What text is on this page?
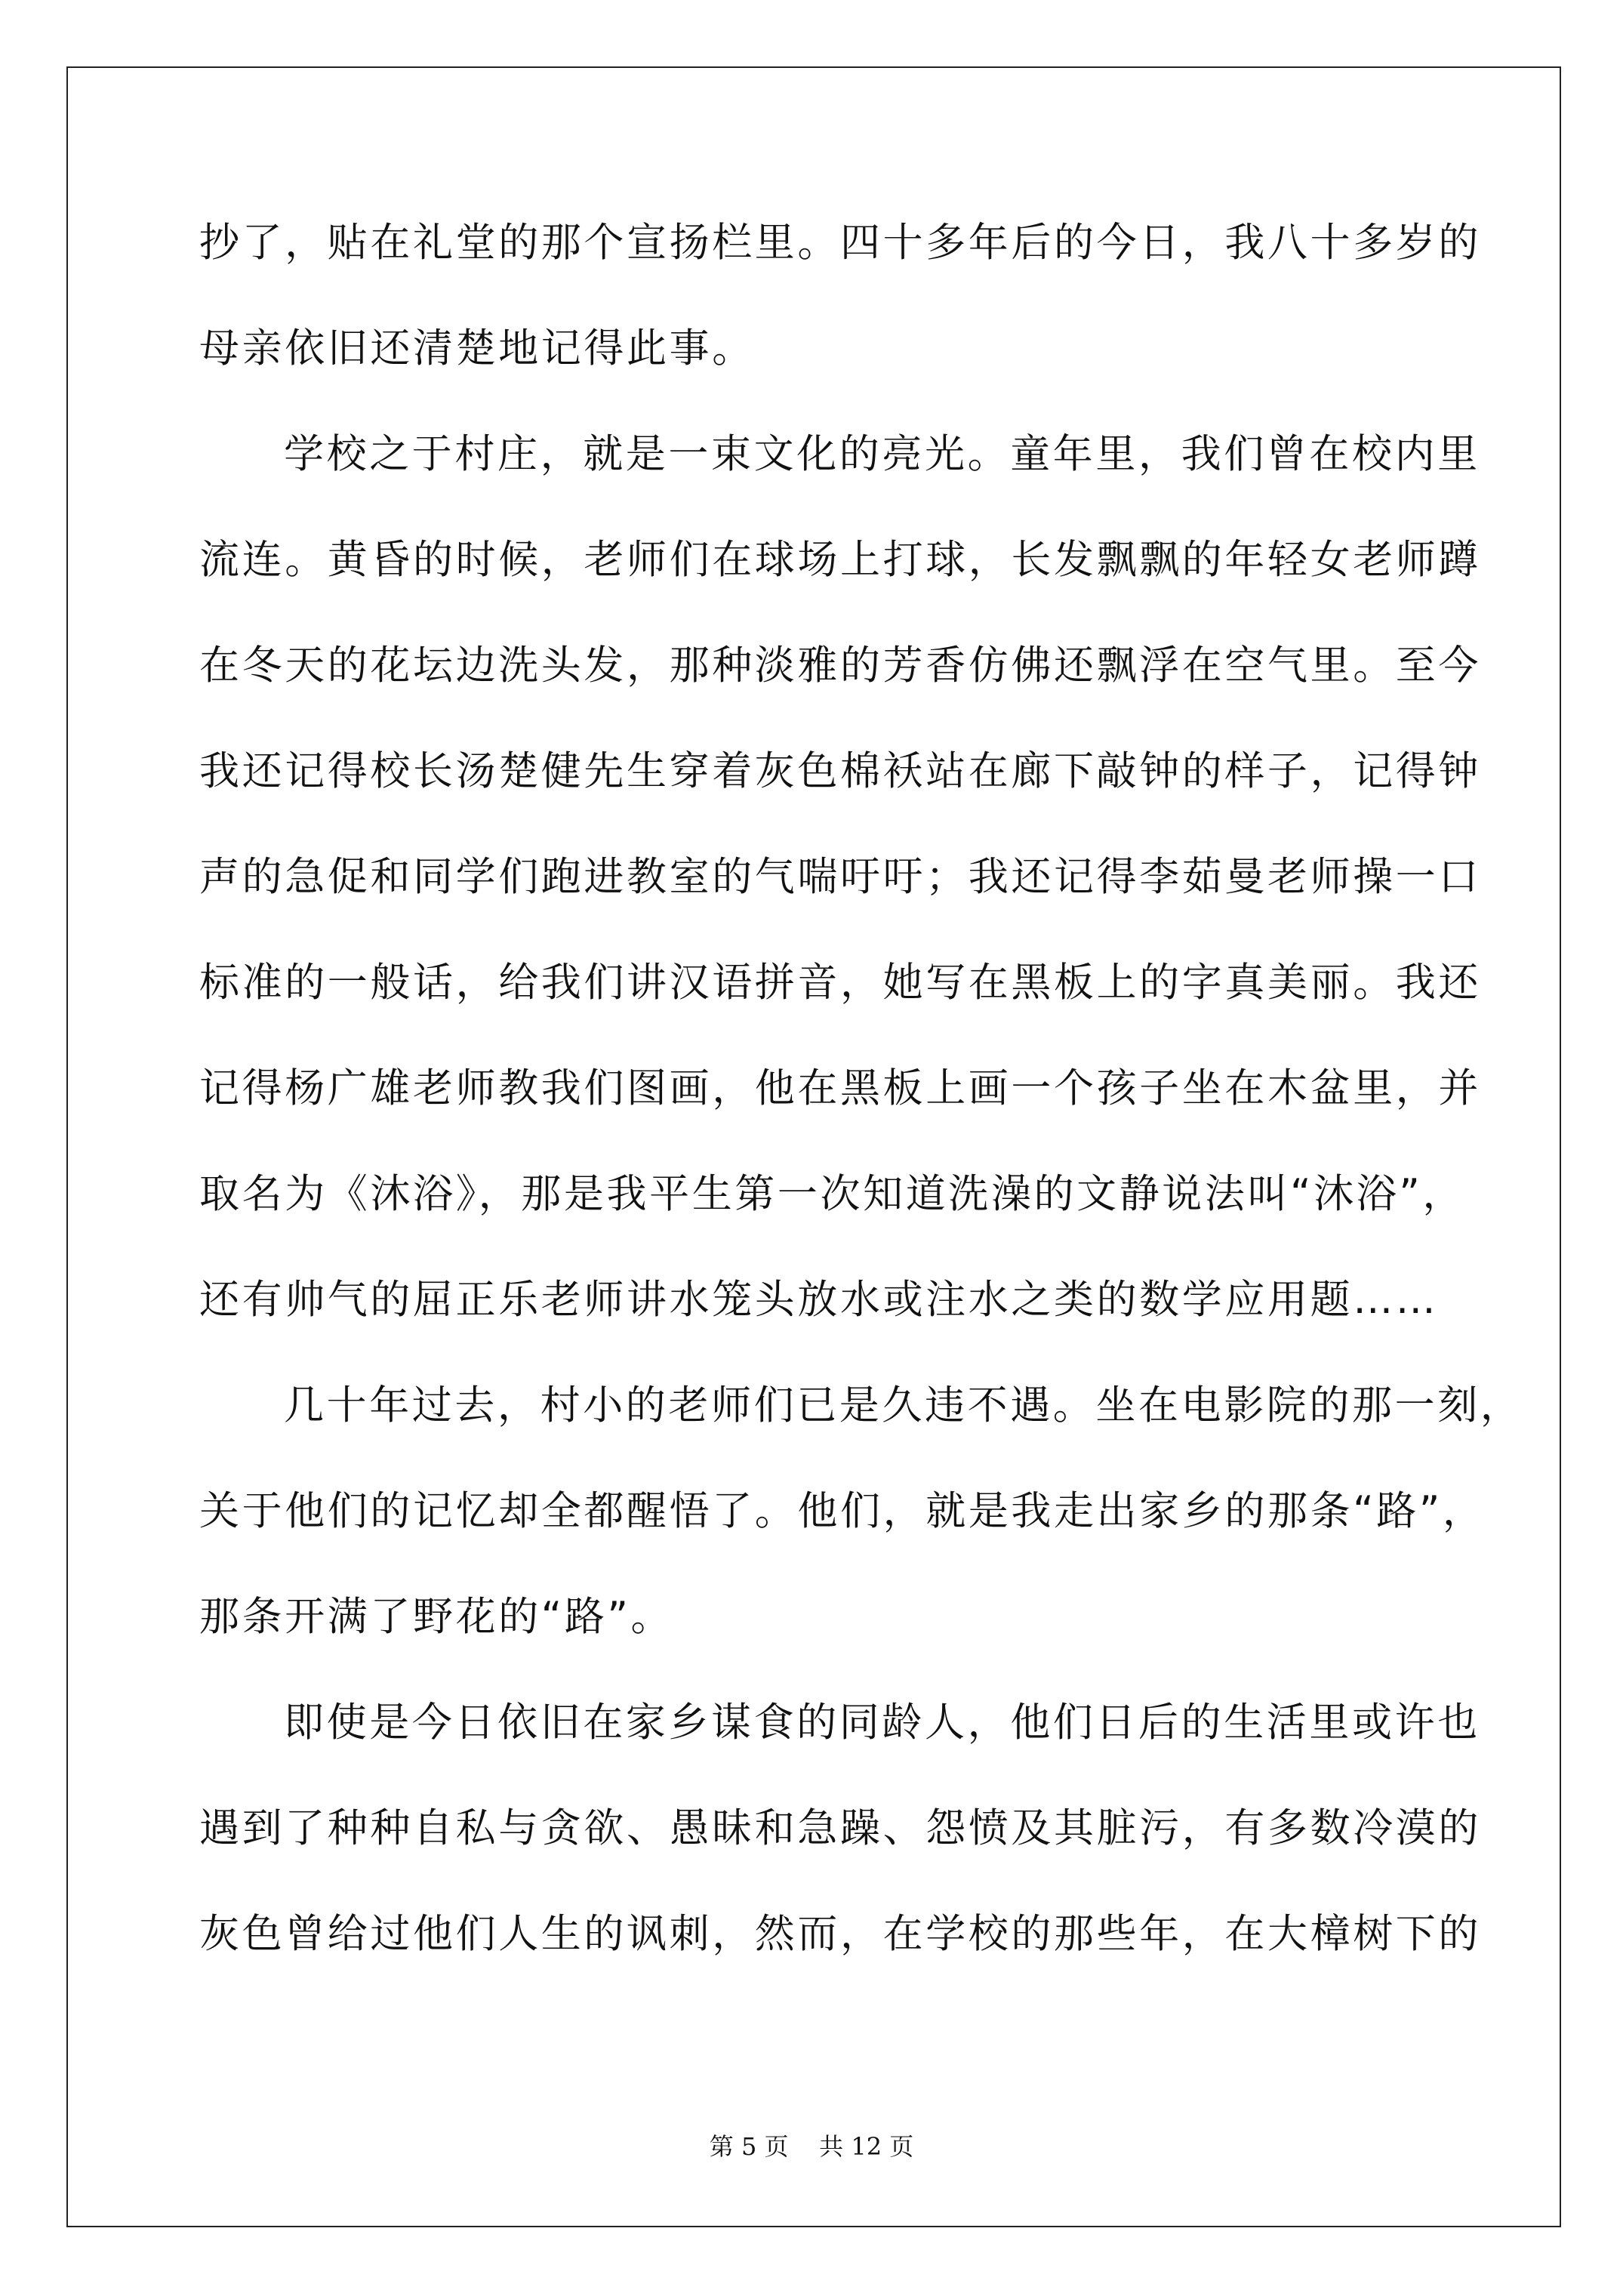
抄了，贴在礼堂的那个宣扬栏里。四十多年后的今日，我八十多岁的
母亲依旧还清楚地记得此事。
学校之于村庄，就是一束文化的亮光。童年里，我们曾在校内里
流连。黄昏的时候，老师们在球场上打球，长发飘飘的年轻女老师蹲
在冬天的花坛边洗头发，那种淡雅的芳香仿佛还飘浮在空气里。至今
我还记得校长汤楚健先生穿着灰色棉袄站在廊下敲钟的样子，记得钟
声的急促和同学们跑进教室的气喘吁吁；我还记得李茹曼老师操一口
标准的一般话，给我们讲汉语拼音，她写在黑板上的字真美丽。我还
记得杨广雄老师教我们图画，他在黑板上画一个孩子坐在木盆里，并
取名为《沐浴》，那是我平生第一次知道洗澡的文静说法叫“沐浴”，
还有帅气的屈正乐老师讲水笼头放水或注水之类的数学应用题……
几十年过去，村小的老师们已是久违不遇。坐在电影院的那一刻，
关于他们的记忆却全都醒悟了。他们，就是我走出家乡的那条“路”，
那条开满了野花的“路”。
即使是今日依旧在家乡谋食的同龄人，他们日后的生活里或许也
遇到了种种自私与贪欲、愚昧和急躁、怨愤及其脏污，有多数冷漠的
灰色曾给过他们人生的讽刺，然而，在学校的那些年，在大樟树下的
第 5 页    共 12 页
